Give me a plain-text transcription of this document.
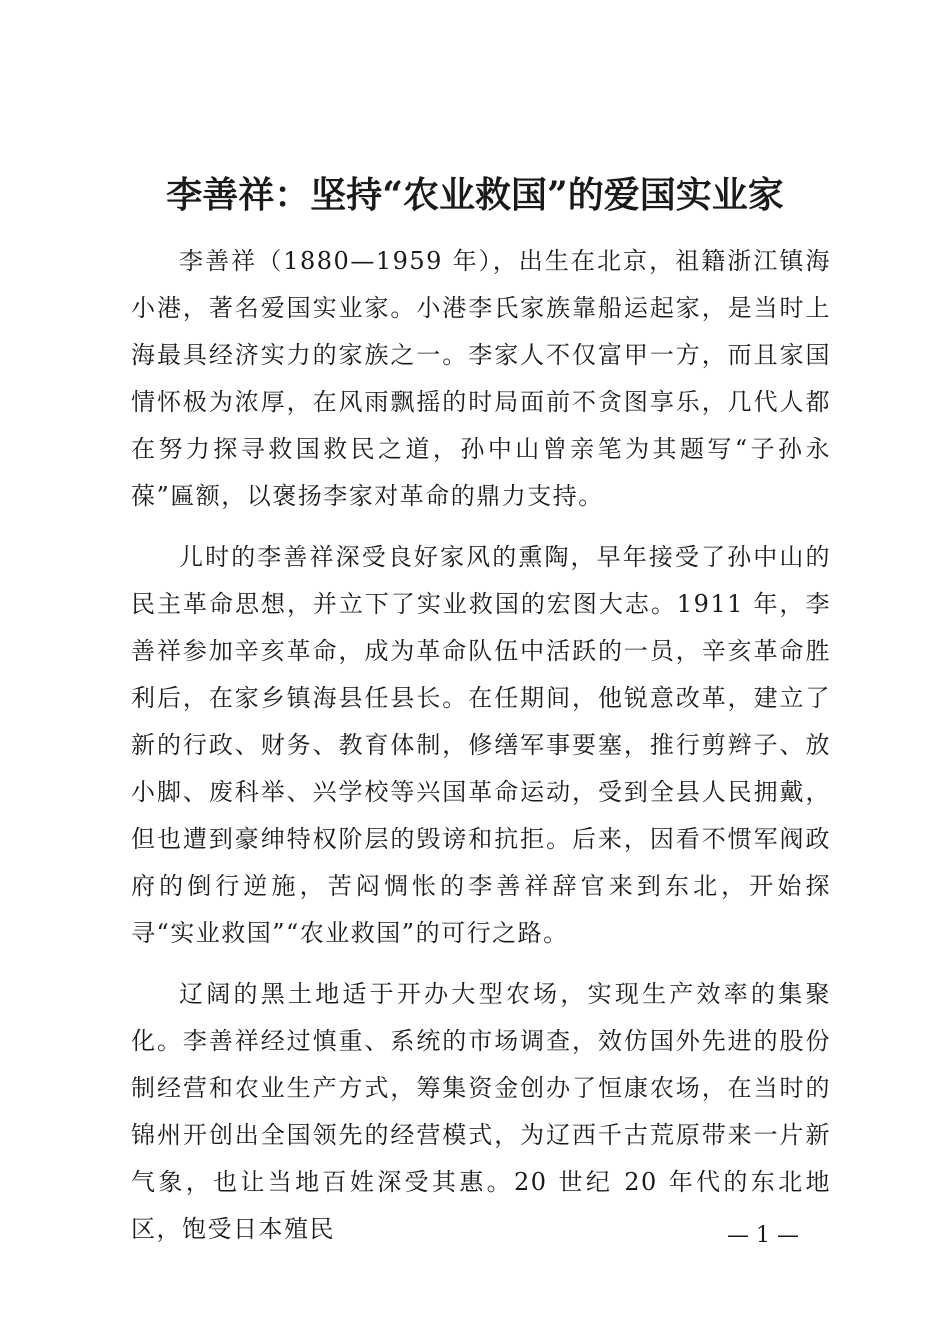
李善祥：坚持“农业救国”的爱国实业家

李善祥（1880—1959 年），出生在北京，祖籍浙江镇海小港，著名爱国实业家。小港李氏家族靠船运起家，是当时上海最具经济实力的家族之一。李家人不仅富甲一方，而且家国情怀极为浓厚，在风雨飘摇的时局面前不贪图享乐，几代人都在努力探寻救国救民之道，孙中山曾亲笔为其题写“子孙永葆”匾额，以褒扬李家对革命的鼎力支持。

儿时的李善祥深受良好家风的熏陶，早年接受了孙中山的民主革命思想，并立下了实业救国的宏图大志。1911 年，李善祥参加辛亥革命，成为革命队伍中活跃的一员，辛亥革命胜利后，在家乡镇海县任县长。在任期间，他锐意改革，建立了新的行政、财务、教育体制，修缮军事要塞，推行剪辫子、放小脚、废科举、兴学校等兴国革命运动，受到全县人民拥戴，但也遭到豪绅特权阶层的毁谤和抗拒。后来，因看不惯军阀政府的倒行逆施，苦闷惆怅的李善祥辞官来到东北，开始探寻“实业救国”“农业救国”的可行之路。

辽阔的黑土地适于开办大型农场，实现生产效率的集聚化。李善祥经过慎重、系统的市场调查，效仿国外先进的股份制经营和农业生产方式，筹集资金创办了恒康农场，在当时的锦州开创出全国领先的经营模式，为辽西千古荒原带来一片新气象，也让当地百姓深受其惠。20 世纪 20 年代的东北地区，饱受日本殖民	— 1 —
